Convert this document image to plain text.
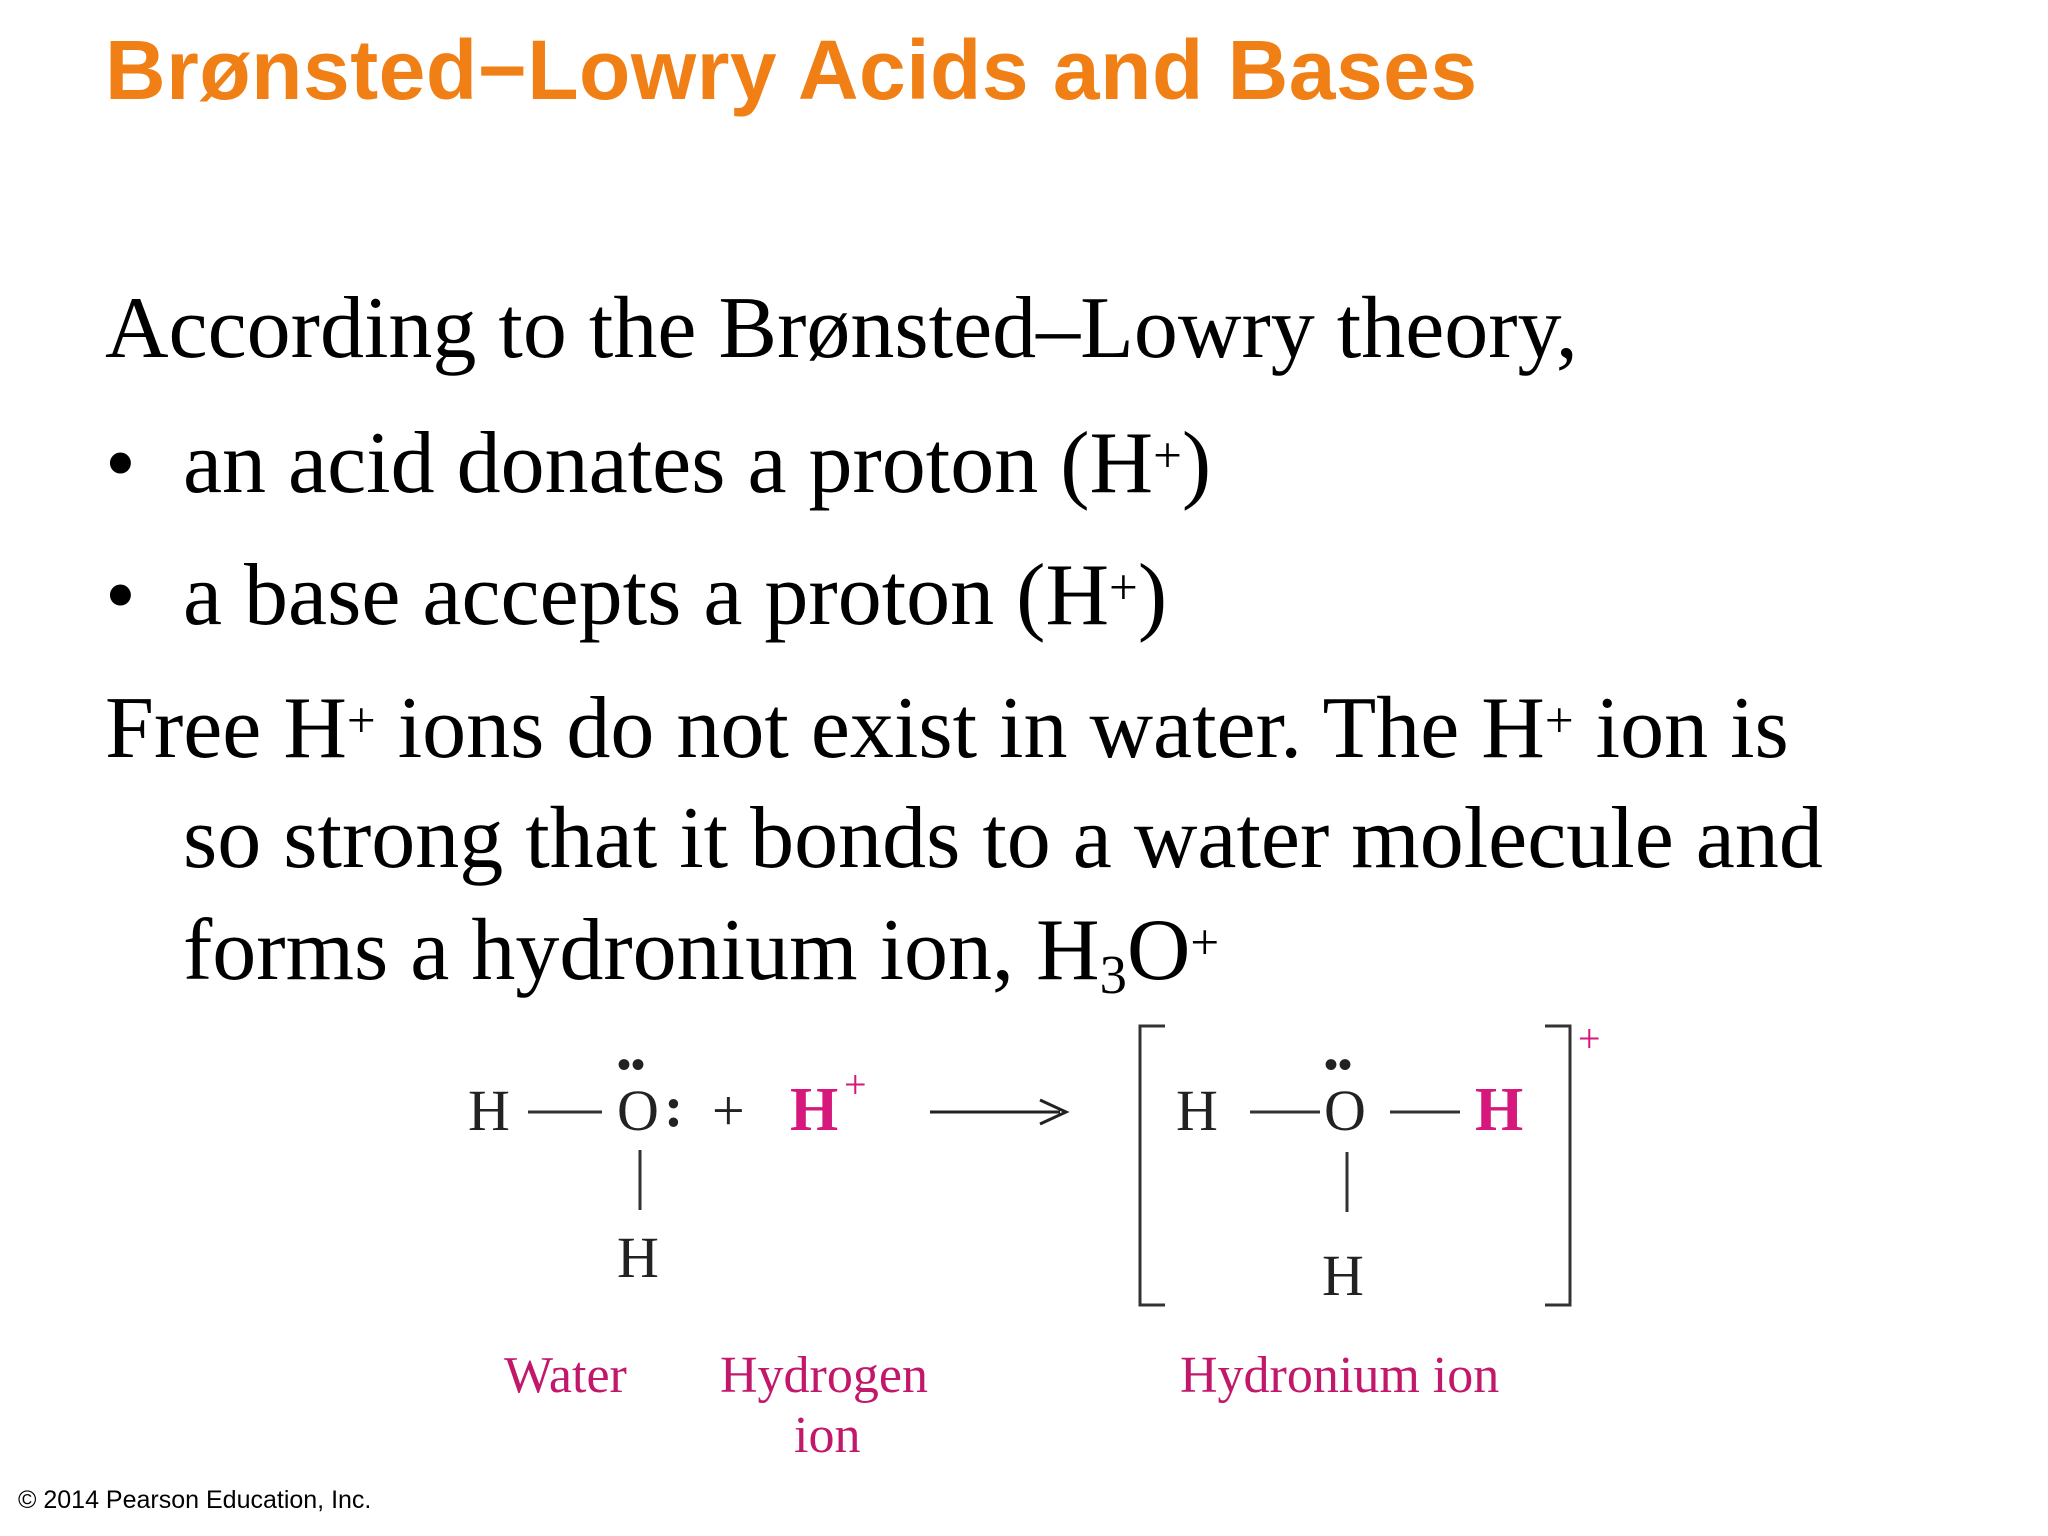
Brønsted−Lowry Acids and Bases
According to the Brønsted–Lowry theory,
• an acid donates a proton (H+)
• a base accepts a proton (H+)
Free H+ ions do not exist in water. The H+ ion is
so strong that it bonds to a water molecule and
forms a hydronium ion, $H_3O^+$
H O
••
:
H
+ H +
+
H O
••
H
H
Water Hydrogen
ion
Hydronium ion
© 2014 Pearson Education, Inc.
